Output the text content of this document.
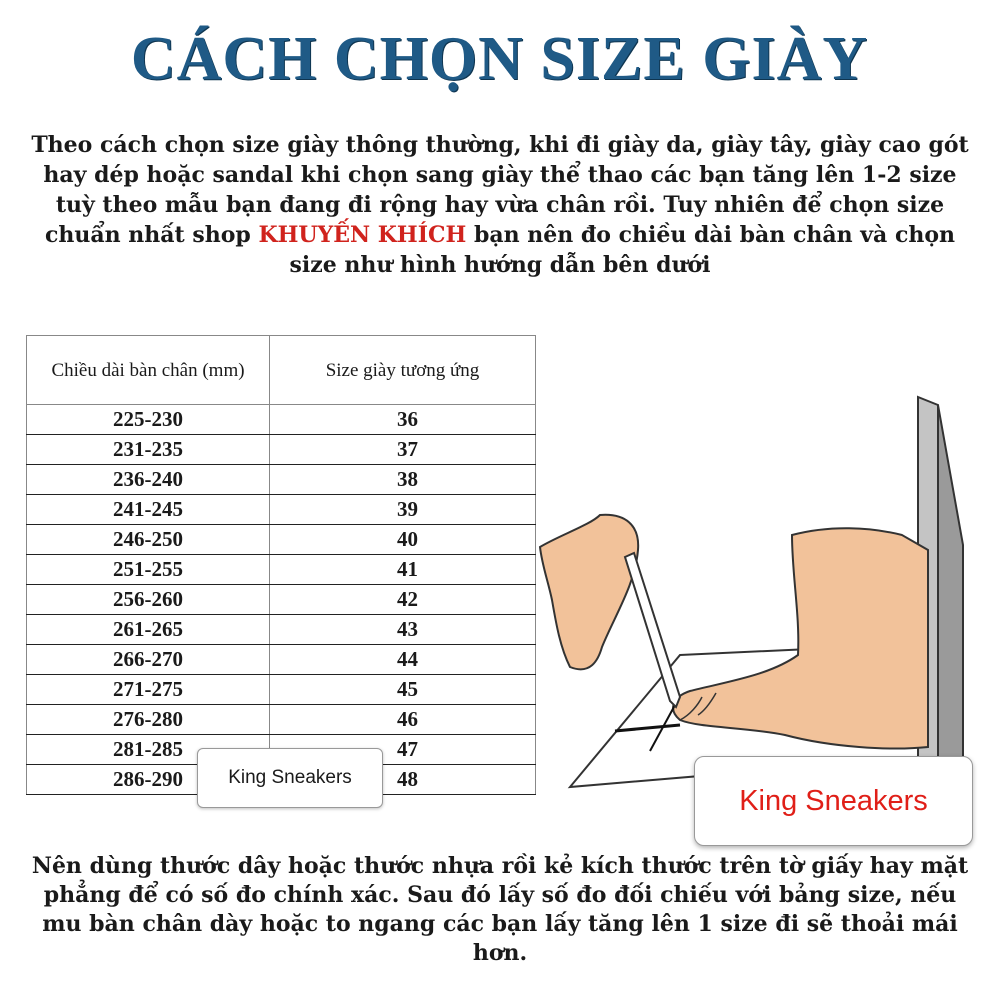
CÁCH CHỌN SIZE GIÀY

Theo cách chọn size giày thông thường, khi đi giày da, giày tây, giày cao gót hay dép hoặc sandal khi chọn sang giày thể thao các bạn tăng lên 1-2 size tuỳ theo mẫu bạn đang đi rộng hay vừa chân rồi. Tuy nhiên để chọn size chuẩn nhất shop KHUYẾN KHÍCH bạn nên đo chiều dài bàn chân và chọn size như hình hướng dẫn bên dưới

Chiều dài bàn chân (mm)	Size giày tương ứng
225-230	36
231-235	37
236-240	38
241-245	39
246-250	40
251-255	41
256-260	42
261-265	43
266-270	44
271-275	45
276-280	46
281-285	47
286-290	48
King Sneakers
King Sneakers

Nên dùng thước dây hoặc thước nhựa rồi kẻ kích thước trên tờ giấy hay mặt phẳng để có số đo chính xác. Sau đó lấy số đo đối chiếu với bảng size, nếu mu bàn chân dày hoặc to ngang các bạn lấy tăng lên 1 size đi sẽ thoải mái hơn.
